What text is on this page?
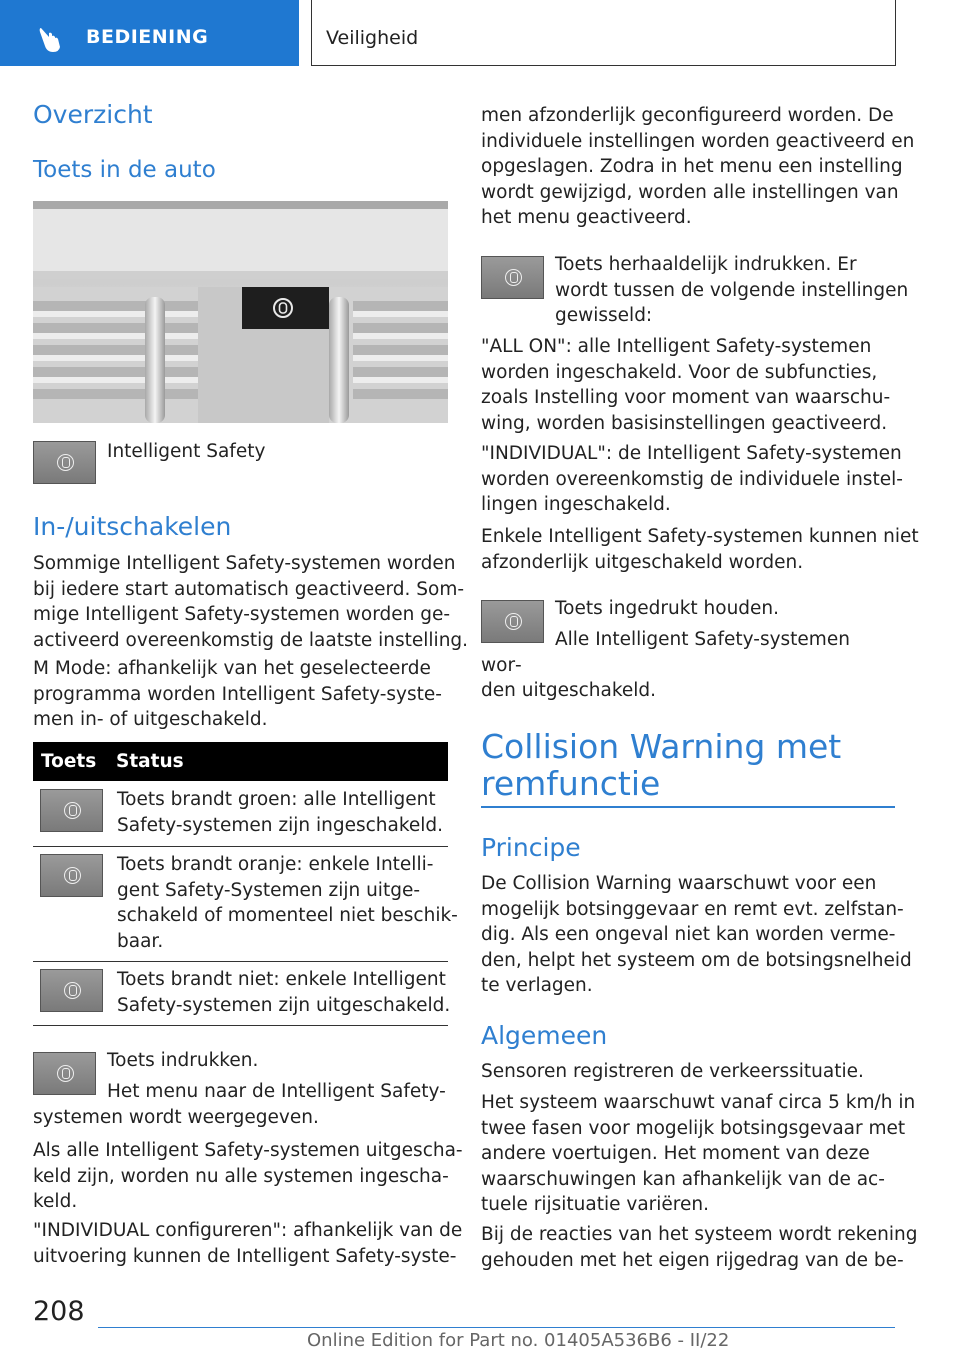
BEDIENING	Veiligheid
Overzicht
Toets in de auto

Intelligent Safety

In-/uitschakelen

Sommige Intelligent Safety-systemen worden
bij iedere start automatisch geactiveerd. Som‐
mige Intelligent Safety-systemen worden ge‐
activeerd overeenkomstig de laatste instelling.

M Mode: afhankelijk van het geselecteerde
programma worden Intelligent Safety-syste‐
men in- of uitgeschakeld.

Toets Status

Toets brandt groen: alle Intelligent
Safety-systemen zijn ingeschakeld.

Toets brandt oranje: enkele Intelli‐
gent Safety-Systemen zijn uitge‐
schakeld of momenteel niet beschik‐
baar.

Toets brandt niet: enkele Intelligent
Safety-systemen zijn uitgeschakeld.

Toets indrukken.

Het menu naar de Intelligent Safety-
systemen wordt weergegeven.

Als alle Intelligent Safety-systemen uitgescha‐
keld zijn, worden nu alle systemen ingescha‐
keld.

"INDIVIDUAL configureren": afhankelijk van de
uitvoering kunnen de Intelligent Safety-syste‐

men afzonderlijk geconfigureerd worden. De
individuele instellingen worden geactiveerd en
opgeslagen. Zodra in het menu een instelling
wordt gewijzigd, worden alle instellingen van
het menu geactiveerd.

Toets herhaaldelijk indrukken. Er
wordt tussen de volgende instellingen
gewisseld:

"ALL ON": alle Intelligent Safety-systemen
worden ingeschakeld. Voor de subfuncties,
zoals Instelling voor moment van waarschu‐
wing, worden basisinstellingen geactiveerd.

"INDIVIDUAL": de Intelligent Safety-systemen
worden overeenkomstig de individuele instel‐
lingen ingeschakeld.

Enkele Intelligent Safety-systemen kunnen niet
afzonderlijk uitgeschakeld worden.

Toets ingedrukt houden.

Alle Intelligent Safety-systemen wor‐
den uitgeschakeld.

Collision Warning met
remfunctie
Principe

De Collision Warning waarschuwt voor een
mogelijk botsinggevaar en remt evt. zelfstan‐
dig. Als een ongeval niet kan worden verme‐
den, helpt het systeem om de botsingsnelheid
te verlagen.

Algemeen

Sensoren registreren de verkeerssituatie.

Het systeem waarschuwt vanaf circa 5 km/h in
twee fasen voor mogelijk botsingsgevaar met
andere voertuigen. Het moment van deze
waarschuwingen kan afhankelijk van de ac‐
tuele rijsituatie variëren.

Bij de reacties van het systeem wordt rekening
gehouden met het eigen rijgedrag van de be‐

208
Online Edition for Part no. 01405A536B6 - II/22
